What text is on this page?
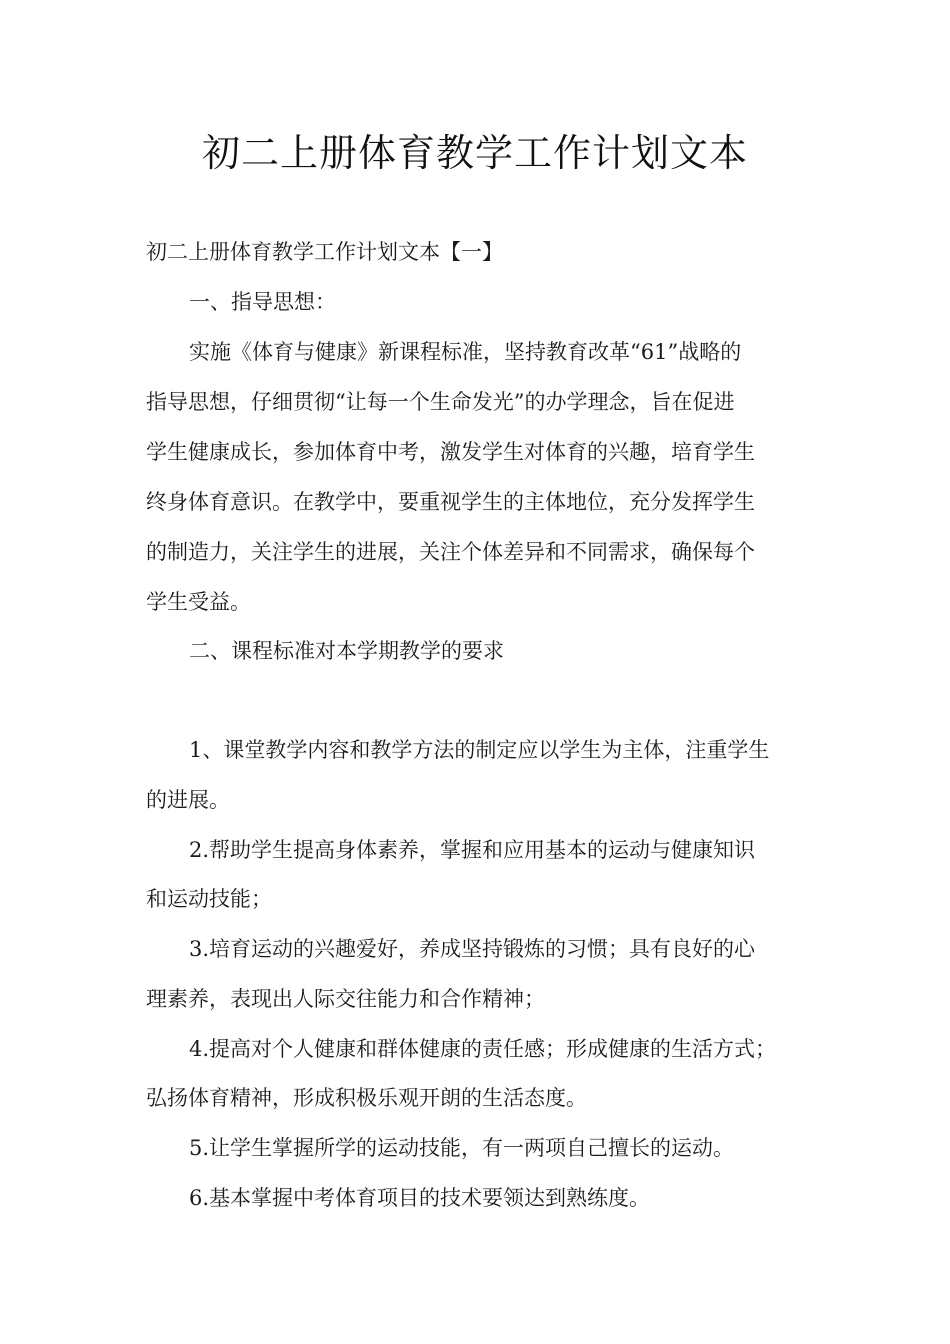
初二上册体育教学工作计划文本

初二上册体育教学工作计划文本【一】

一、指导思想：

实施《体育与健康》新课程标准，坚持教育改革“61”战略的

指导思想，仔细贯彻“让每一个生命发光”的办学理念，旨在促进

学生健康成长，参加体育中考，激发学生对体育的兴趣，培育学生

终身体育意识。在教学中，要重视学生的主体地位，充分发挥学生

的制造力，关注学生的进展，关注个体差异和不同需求，确保每个

学生受益。

二、课程标准对本学期教学的要求

1、课堂教学内容和教学方法的制定应以学生为主体，注重学生

的进展。

2.帮助学生提高身体素养，掌握和应用基本的运动与健康知识

和运动技能；

3.培育运动的兴趣爱好，养成坚持锻炼的习惯；具有良好的心

理素养，表现出人际交往能力和合作精神；

4.提高对个人健康和群体健康的责任感；形成健康的生活方式；

弘扬体育精神，形成积极乐观开朗的生活态度。

5.让学生掌握所学的运动技能，有一两项自己擅长的运动。

6.基本掌握中考体育项目的技术要领达到熟练度。
